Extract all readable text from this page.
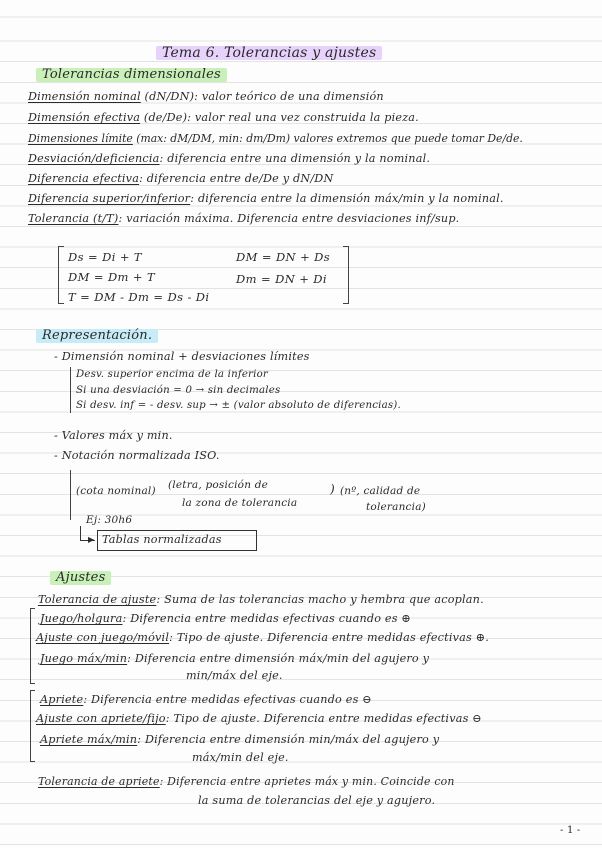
Tema 6. Tolerancias y ajustes
Tolerancias dimensionales
Dimensión nominal (dN/DN): valor teórico de una dimensión
Dimensión efectiva (de/De): valor real una vez construida la pieza.
Dimensiones límite (max: dM/DM, min: dm/Dm) valores extremos que puede tomar De/de.
Desviación/deficiencia: diferencia entre una dimensión y la nominal.
Diferencia efectiva: diferencia entre de/De y dN/DN
Diferencia superior/inferior: diferencia entre la dimensión máx/min y la nominal.
Tolerancia (t/T): variación máxima. Diferencia entre desviaciones inf/sup.
Ds = Di + T
DM = Dm + T
T = DM - Dm = Ds - Di
DM = DN + Ds
Dm = DN + Di
Representación.
- Dimensión nominal + desviaciones límites
Desv. superior encima de la inferior
Si una desviación = 0 → sin decimales
Si desv. inf = - desv. sup → ± (valor absoluto de diferencias).
- Valores máx y min.
- Notación normalizada ISO.
(cota nominal) (letra, posición de
la zona de tolerancia
) (nº, calidad de
tolerancia)
Ej: 30h6
▶ Tablas normalizadas
Ajustes
Tolerancia de ajuste: Suma de las tolerancias macho y hembra que acoplan.
Juego/holgura: Diferencia entre medidas efectivas cuando es ⊕
Ajuste con juego/móvil: Tipo de ajuste. Diferencia entre medidas efectivas ⊕.
Juego máx/min: Diferencia entre dimensión máx/min del agujero y
min/máx del eje.
Apriete: Diferencia entre medidas efectivas cuando es ⊖
Ajuste con apriete/fijo: Tipo de ajuste. Diferencia entre medidas efectivas ⊖
Apriete máx/min: Diferencia entre dimensión min/máx del agujero y
máx/min del eje.
Tolerancia de apriete: Diferencia entre aprietes máx y min. Coincide con
la suma de tolerancias del eje y agujero.
- 1 -
